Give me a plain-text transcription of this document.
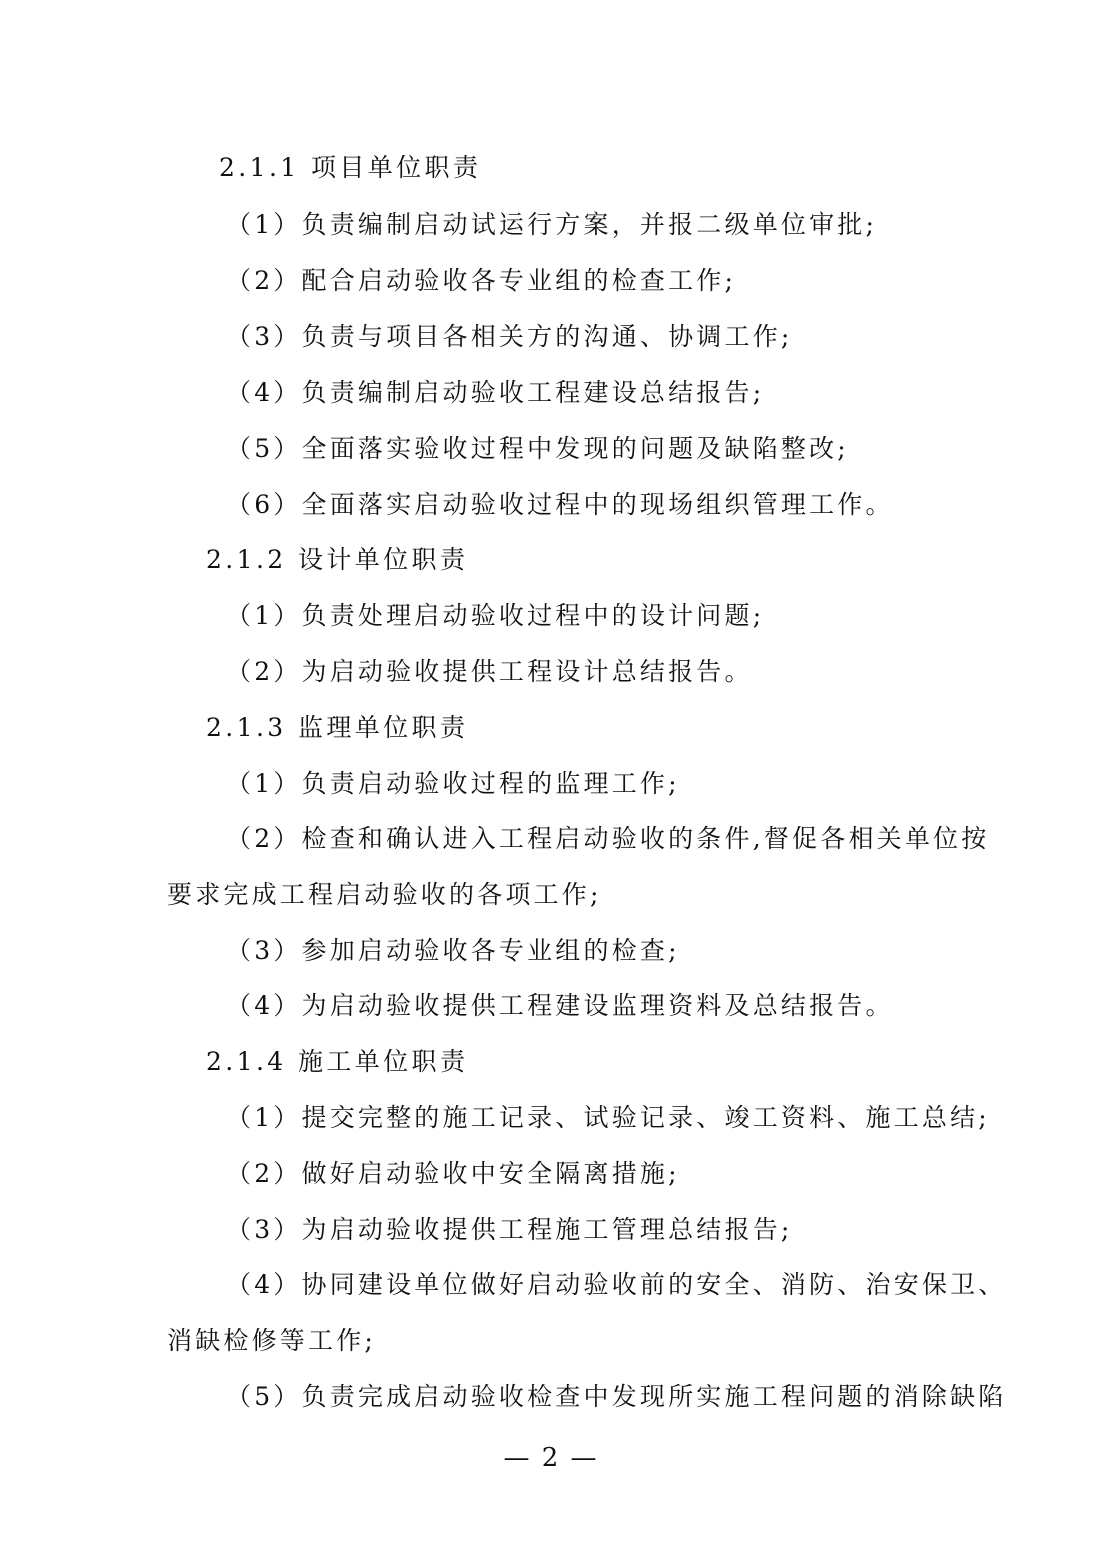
2.1.1 项目单位职责
（1）负责编制启动试运行方案，并报二级单位审批;
（2）配合启动验收各专业组的检查工作;
（3）负责与项目各相关方的沟通、协调工作;
（4）负责编制启动验收工程建设总结报告;
（5）全面落实验收过程中发现的问题及缺陷整改;
（6）全面落实启动验收过程中的现场组织管理工作。
2.1.2 设计单位职责
（1）负责处理启动验收过程中的设计问题;
（2）为启动验收提供工程设计总结报告。
2.1.3 监理单位职责
（1）负责启动验收过程的监理工作;
（2）检查和确认进入工程启动验收的条件,督促各相关单位按
要求完成工程启动验收的各项工作;
（3）参加启动验收各专业组的检查;
（4）为启动验收提供工程建设监理资料及总结报告。
2.1.4 施工单位职责
（1）提交完整的施工记录、试验记录、竣工资料、施工总结;
（2）做好启动验收中安全隔离措施;
（3）为启动验收提供工程施工管理总结报告;
（4）协同建设单位做好启动验收前的安全、消防、治安保卫、
消缺检修等工作;
（5）负责完成启动验收检查中发现所实施工程问题的消除缺陷
— 2 —
